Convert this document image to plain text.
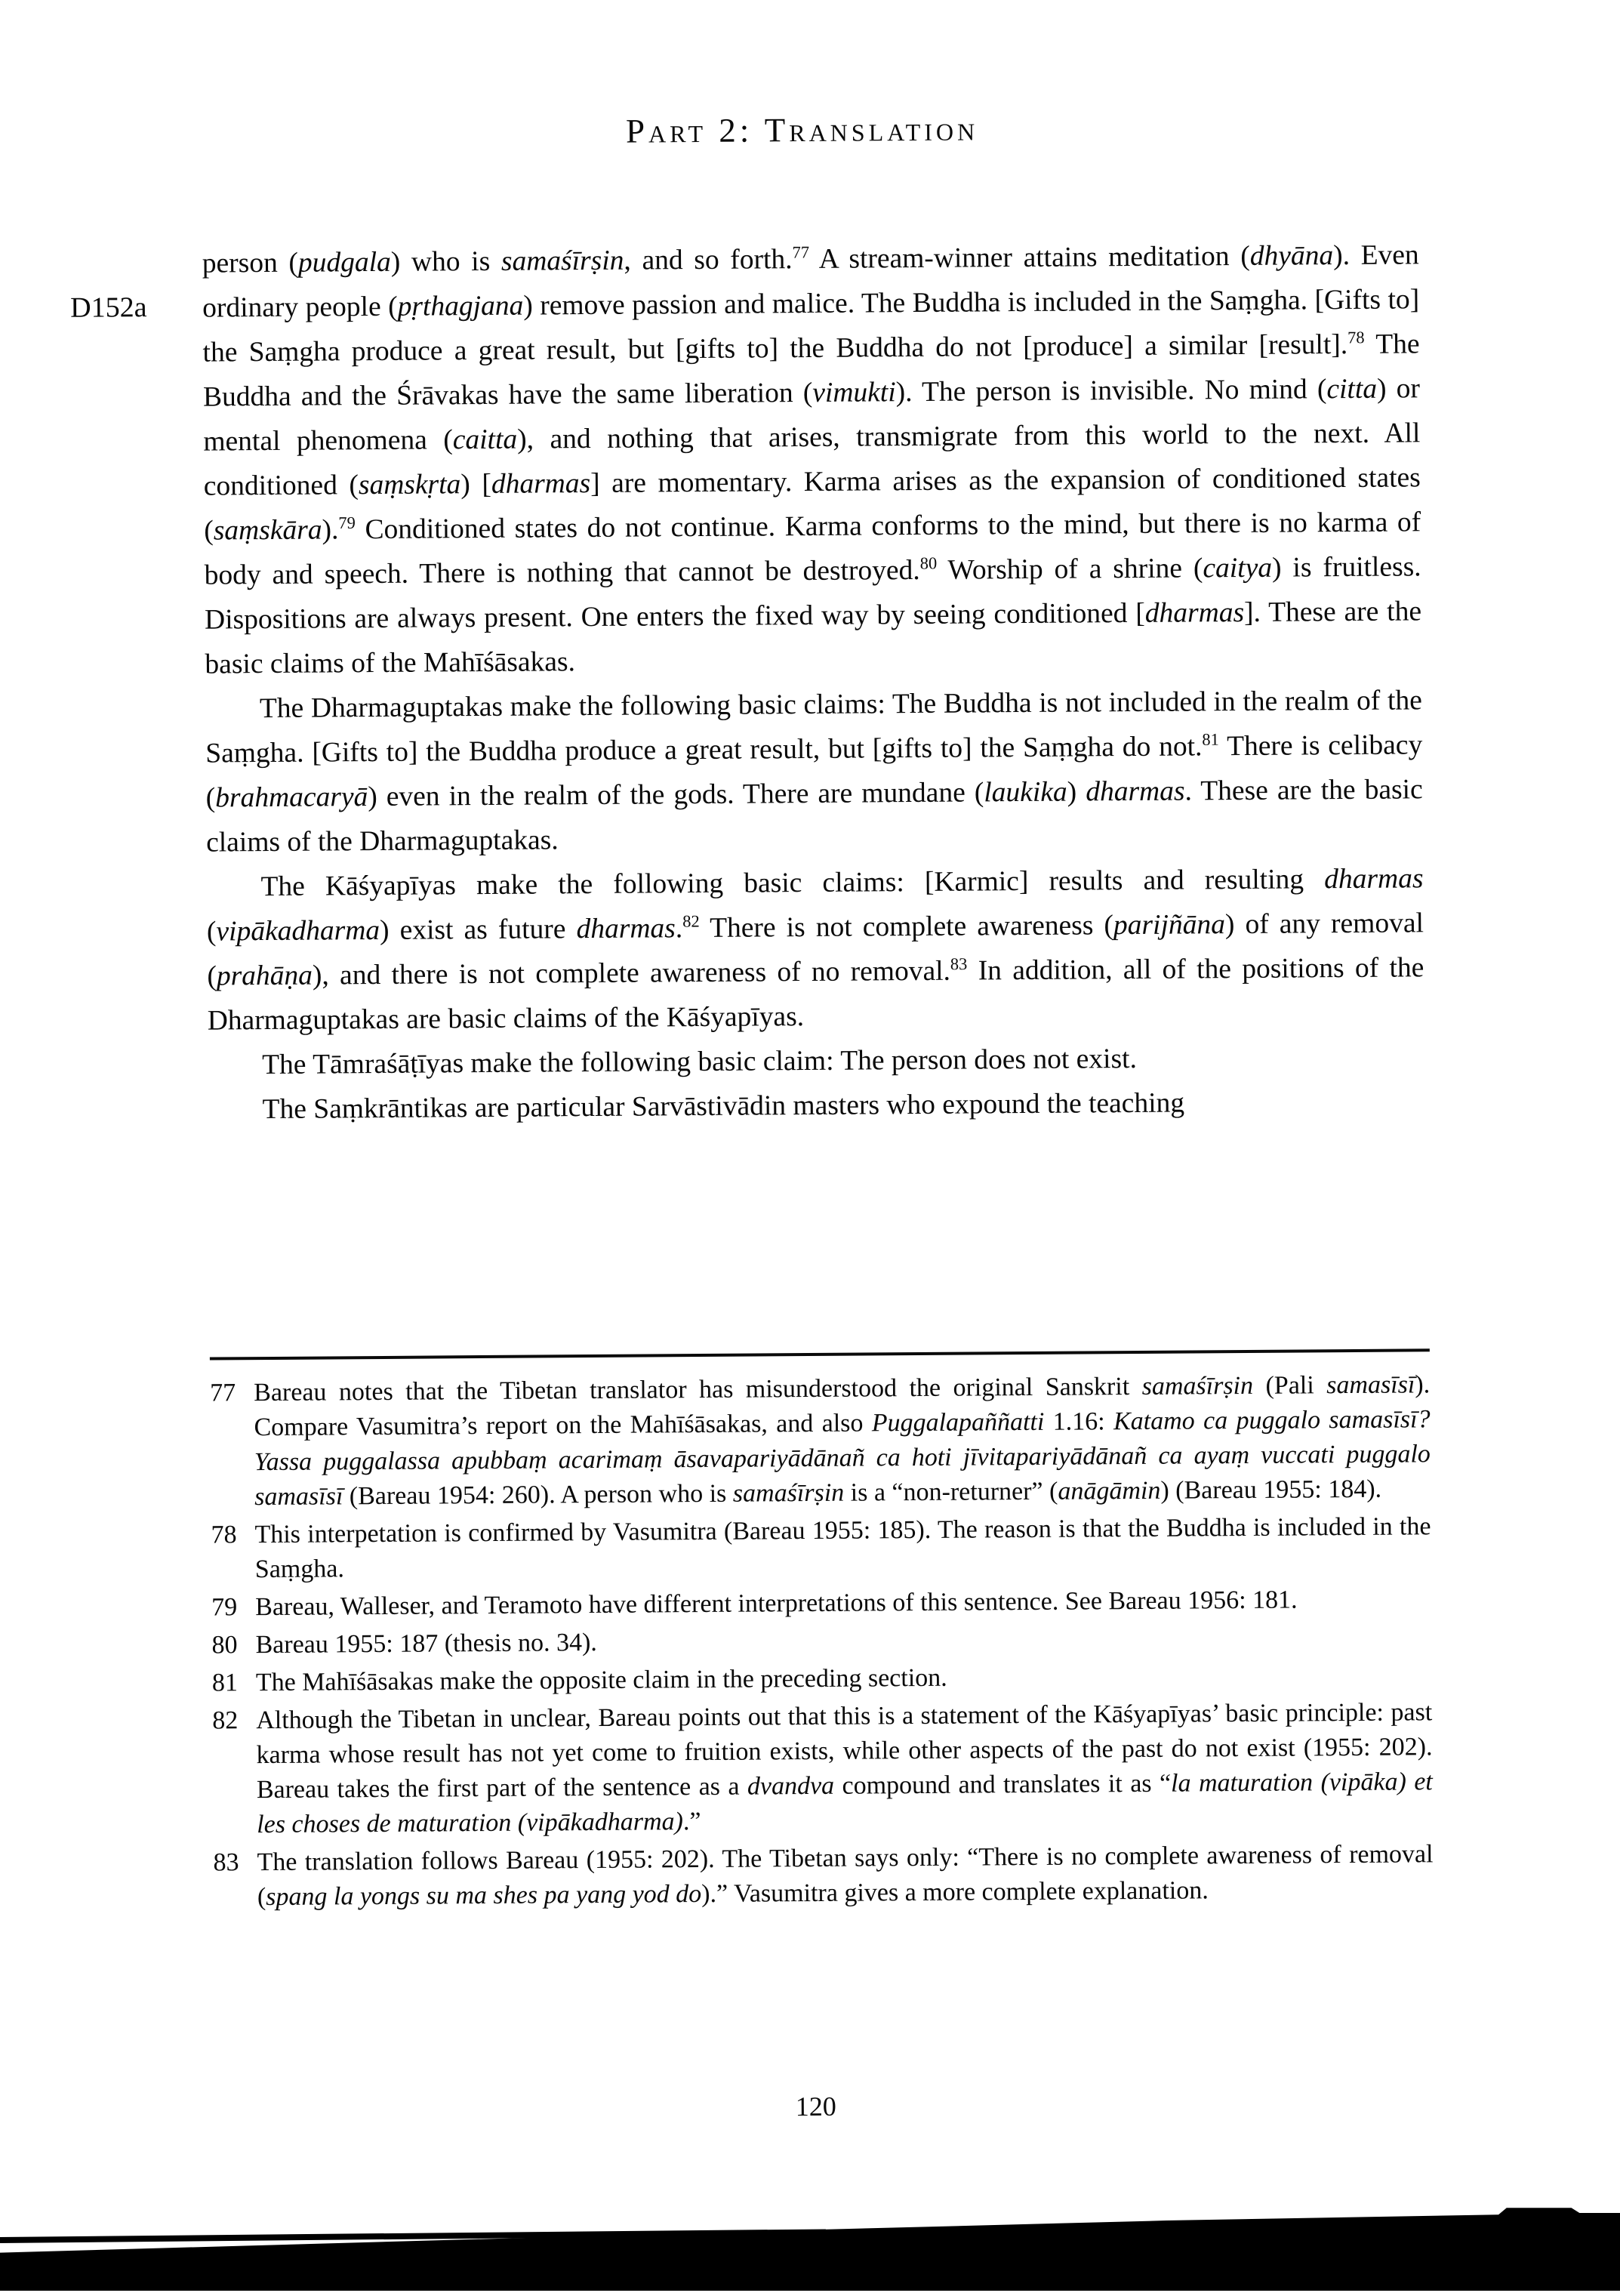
Part 2: Translation
D152a

person (pudgala) who is samaśīrṣin, and so forth.$^{77}$ A stream-winner attains meditation (dhyāna). Even ordinary people (pṛthagjana) remove passion and malice. The Buddha is included in the Saṃgha. [Gifts to] the Saṃgha produce a great result, but [gifts to] the Buddha do not [produce] a similar [result].$^{78}$ The Buddha and the Śrāvakas have the same liberation (vimukti). The person is invisible. No mind (citta) or mental phenomena (caitta), and nothing that arises, transmigrate from this world to the next. All conditioned (saṃskṛta) [dharmas] are momentary. Karma arises as the expansion of conditioned states (saṃskāra).$^{79}$ Conditioned states do not continue. Karma conforms to the mind, but there is no karma of body and speech. There is nothing that cannot be destroyed.$^{80}$ Worship of a shrine (caitya) is fruitless. Dispositions are always present. One enters the fixed way by seeing conditioned [dharmas]. These are the basic claims of the Mahīśāsakas.

The Dharmaguptakas make the following basic claims: The Buddha is not included in the realm of the Saṃgha. [Gifts to] the Buddha produce a great result, but [gifts to] the Saṃgha do not.$^{81}$ There is celibacy (brahmacaryā) even in the realm of the gods. There are mundane (laukika) dharmas. These are the basic claims of the Dharmaguptakas.

The Kāśyapīyas make the following basic claims: [Karmic] results and resulting dharmas (vipākadharma) exist as future dharmas.$^{82}$ There is not complete awareness (parijñāna) of any removal (prahāṇa), and there is not complete awareness of no removal.$^{83}$ In addition, all of the positions of the Dharmaguptakas are basic claims of the Kāśyapīyas.

The Tāmraśāṭīyas make the following basic claim: The person does not exist.

The Saṃkrāntikas are particular Sarvāstivādin masters who expound the teaching

77 Bareau notes that the Tibetan translator has misunderstood the original Sanskrit samaśīrṣin (Pali samasīsī). Compare Vasumitra’s report on the Mahīśāsakas, and also Puggalapaññatti 1.16: Katamo ca puggalo samasīsī? Yassa puggalassa apubbaṃ acarimaṃ āsavapariyādānañ ca hoti jīvitapariyādānañ ca ayaṃ vuccati puggalo samasīsī (Bareau 1954: 260). A person who is samaśīrṣin is a “non-returner” (anāgāmin) (Bareau 1955: 184).
78 This interpetation is confirmed by Vasumitra (Bareau 1955: 185). The reason is that the Buddha is included in the Saṃgha.
79 Bareau, Walleser, and Teramoto have different interpretations of this sentence. See Bareau 1956: 181.
80 Bareau 1955: 187 (thesis no. 34).
81 The Mahīśāsakas make the opposite claim in the preceding section.
82 Although the Tibetan in unclear, Bareau points out that this is a statement of the Kāśyapīyas’ basic principle: past karma whose result has not yet come to fruition exists, while other aspects of the past do not exist (1955: 202). Bareau takes the first part of the sentence as a dvandva compound and translates it as “la maturation (vipāka) et les choses de maturation (vipākadharma).”
83 The translation follows Bareau (1955: 202). The Tibetan says only: “There is no complete awareness of removal (spang la yongs su ma shes pa yang yod do).” Vasumitra gives a more complete explanation.
120
